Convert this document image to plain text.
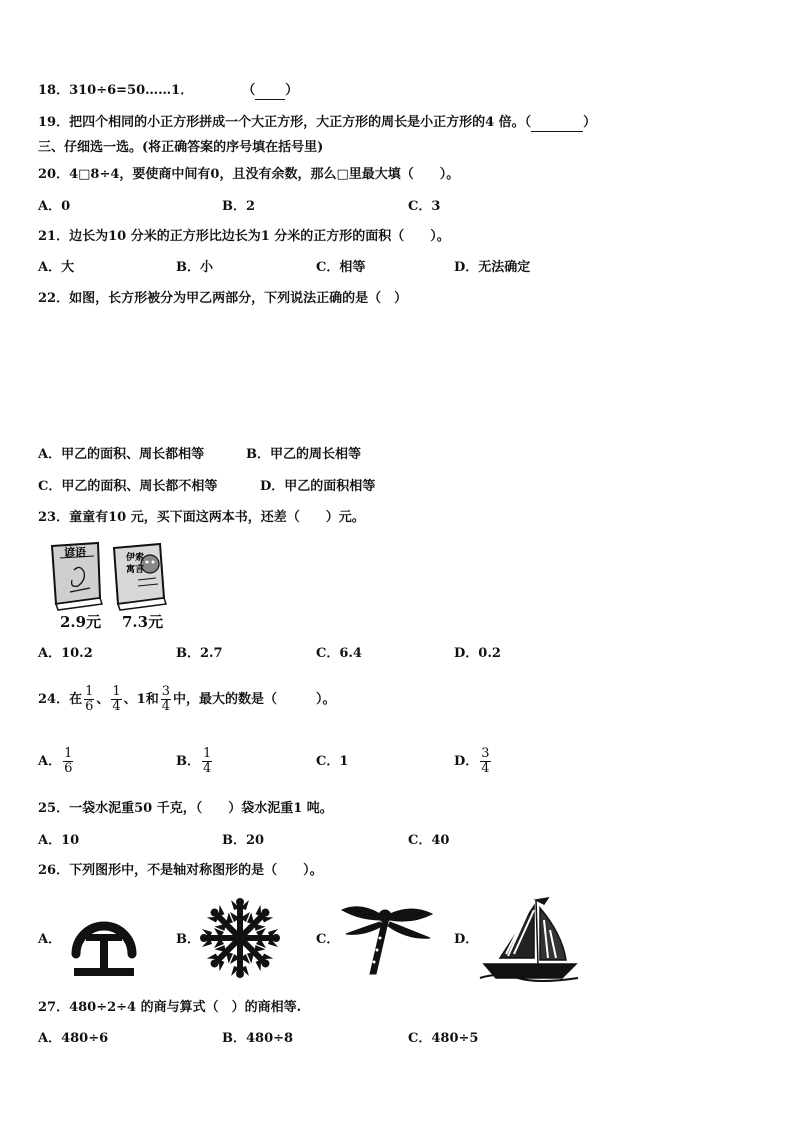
18．310÷6=50……1．	（ ）
19．把四个相同的小正方形拼成一个大正方形，大正方形的周长是小正方形的4 倍。（	）
三、仔细选一选。(将正确答案的序号填在括号里)
20．4□8÷4，要使商中间有0，且没有余数，那么□里最大填（　　）。
A．0	B．2	C．3
21．边长为10 分米的正方形比边长为1 分米的正方形的面积（　　）。
A．大	B．小	C．相等	D．无法确定
22．如图，长方形被分为甲乙两部分，下列说法正确的是（　）
A．甲乙的面积、周长都相等	B．甲乙的周长相等
C．甲乙的面积、周长都不相等	D．甲乙的面积相等
23．童童有10 元，买下面这两本书，还差（　　）元。
谚语	伊索
寓言
2.9元 7.3元
A．10.2	B．2.7	C．6.4	D．0.2
24．在 $\frac{1}{6}$ 、 $\frac{1}{4}$ 、1和 $\frac{3}{4}$ 中，最大的数是（　　　）。
A． $\frac{1}{6}$	B． $\frac{1}{4}$	C．1	D． $\frac{3}{4}$
25．一袋水泥重50 千克，（　　）袋水泥重1 吨。
A．10	B．20	C．40
26．下列图形中，不是轴对称图形的是（　　）。
A．	B．	C．	D．
27．480÷2÷4 的商与算式（　）的商相等.
A．480÷6	B．480÷8	C．480÷5
